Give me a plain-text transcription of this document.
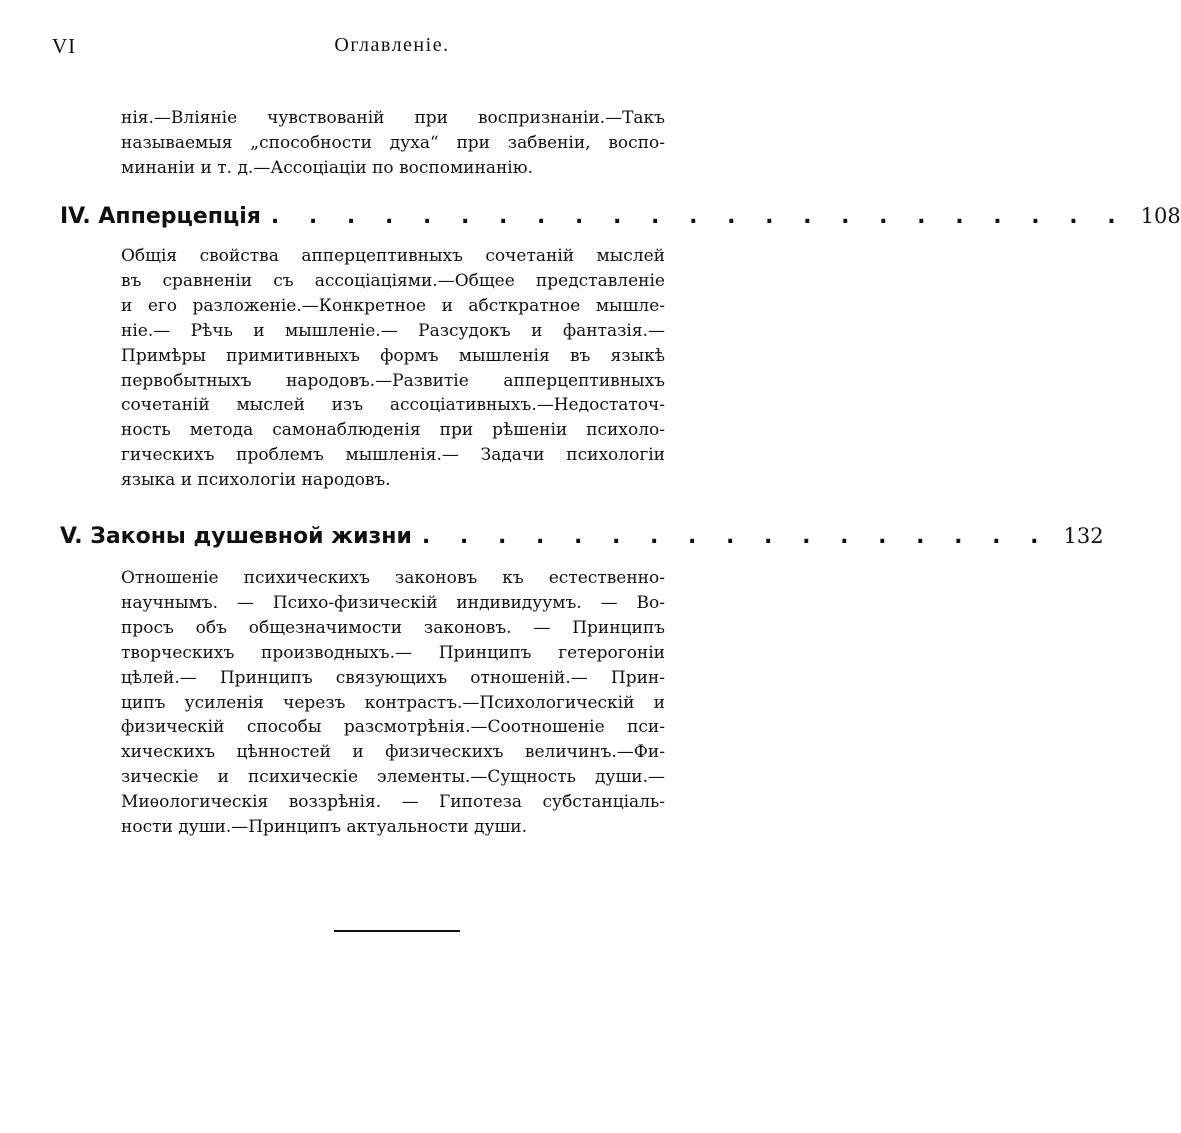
VI	Оглавленіе.
нія.—Вліяніе чувствованій при воспризнаніи.—Такъ
называемыя „способности духа“ при забвеніи, воспо-
минаніи и т. д.—Ассоціаціи по воспоминанію.
IV. Апперцепція . . . . . . . . . . . . . . . . . . . . . . . 108
Общія свойства апперцептивныхъ сочетаній мыслей
въ сравненіи съ ассоціаціями.—Общее представленіе
и его разложеніе.—Конкретное и абсткратное мышле-
ніе.— Рѣчь и мышленіе.— Разсудокъ и фантазія.—
Примѣры примитивныхъ формъ мышленія въ языкѣ
первобытныхъ народовъ.—Развитіе апперцептивныхъ
сочетаній мыслей изъ ассоціативныхъ.—Недостаточ-
ность метода самонаблюденія при рѣшеніи психоло-
гическихъ проблемъ мышленія.— Задачи психологіи
языка и психологіи народовъ.
V. Законы душевной жизни . . . . . . . . . . . . . . . . . 132
Отношеніе психическихъ законовъ къ естественно-
научнымъ. — Психо-физическій индивидуумъ. — Во-
просъ объ общезначимости законовъ. — Принципъ
творческихъ производныхъ.— Принципъ гетерогоніи
цѣлей.— Принципъ связующихъ отношеній.— Прин-
ципъ усиленія черезъ контрастъ.—Психологическій и
физическій способы разсмотрѣнія.—Соотношеніе пси-
хическихъ цѣнностей и физическихъ величинъ.—Фи-
зическіе и психическіе элементы.—Сущность души.—
Миѳологическія воззрѣнія. — Гипотеза субстанціаль-
ности души.—Принципъ актуальности души.
